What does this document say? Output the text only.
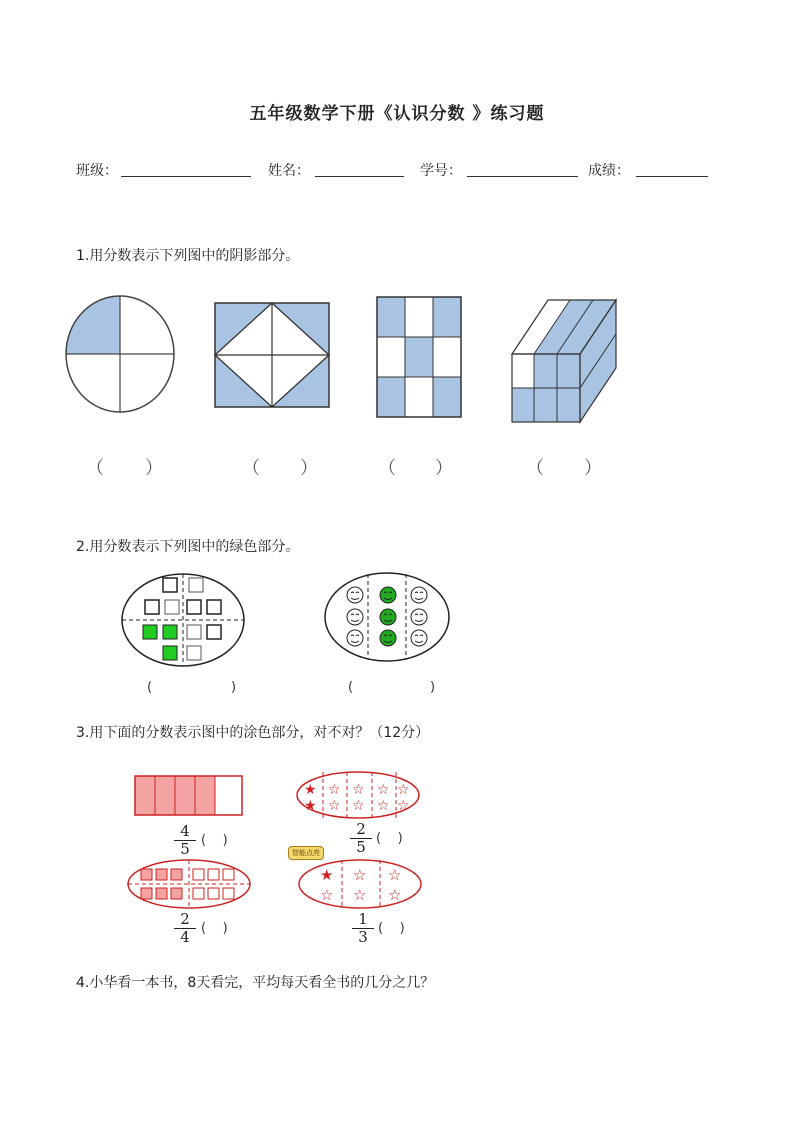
五年级数学下册《认识分数 》练习题
班级：	姓名：	学号：	成绩：
1.用分数表示下列图中的阴影部分。
（ ）	（ ）	（ ）	（ ）
2.用分数表示下列图中的绿色部分。
(	)	(	)
3.用下面的分数表示图中的涂色部分，对不对？（12分）
★
★
☆
☆
☆
☆
☆
☆
☆
☆
4
5 (    )
2
5 (    )
智能点亮
★
☆
☆
☆
☆
☆
2
4 (    )
1
3 (    )
4.小华看一本书，8天看完，平均每天看全书的几分之几？
